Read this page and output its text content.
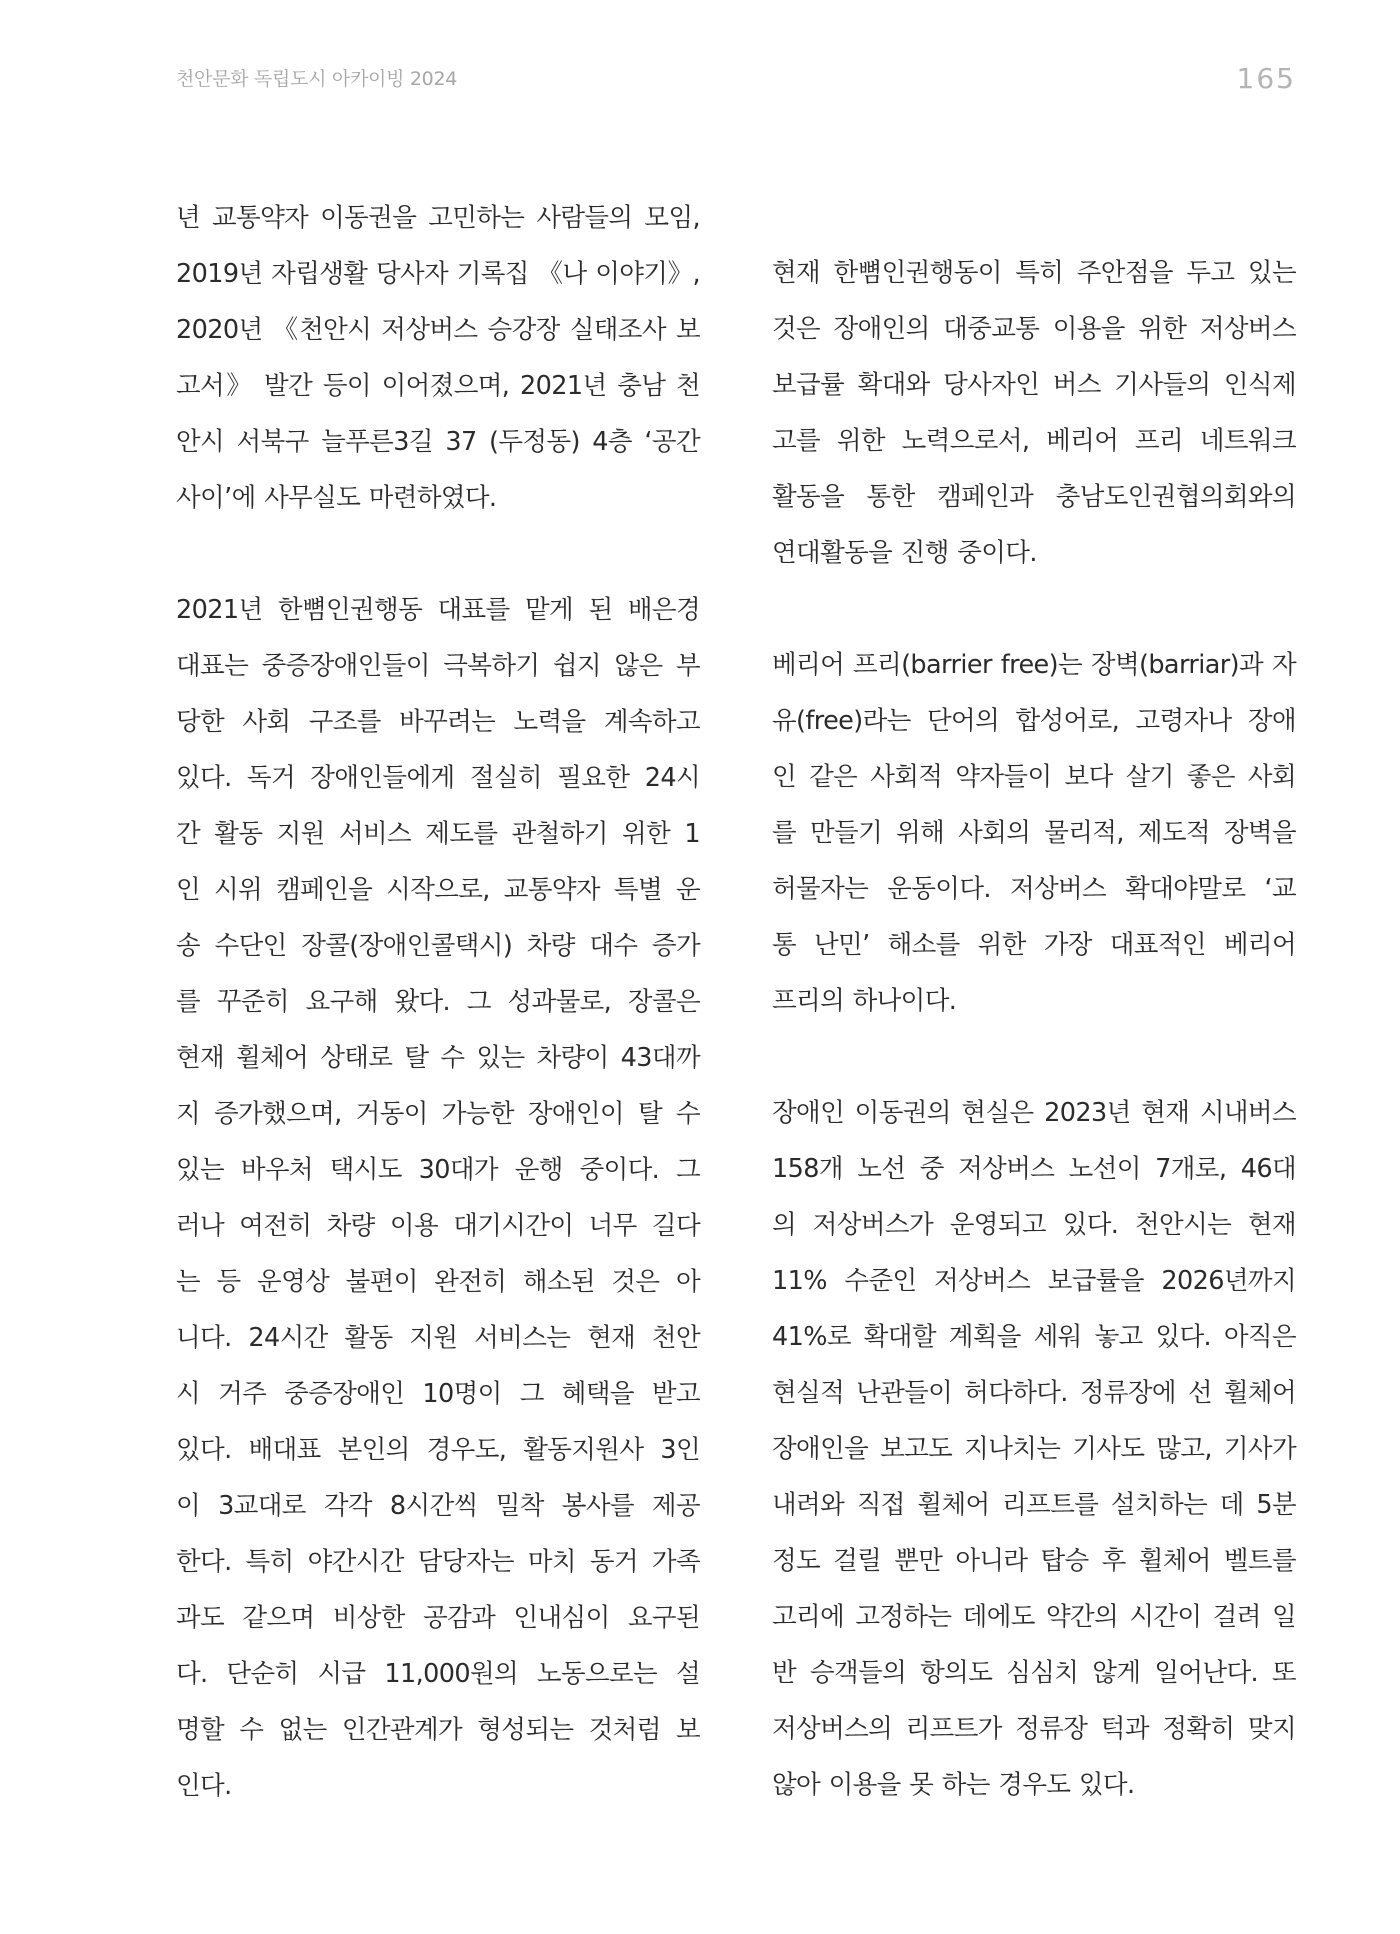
천안문화 독립도시 아카이빙 2024	165

년 교통약자 이동권을 고민하는 사람들의 모임,
2019년 자립생활 당사자 기록집 《나 이야기》,
2020년 《천안시 저상버스 승강장 실태조사 보
고서》 발간 등이 이어졌으며, 2021년 충남 천
안시 서북구 늘푸른3길 37 (두정동) 4층 ‘공간
사이’에 사무실도 마련하였다.

2021년 한뼘인권행동 대표를 맡게 된 배은경
대표는 중증장애인들이 극복하기 쉽지 않은 부
당한 사회 구조를 바꾸려는 노력을 계속하고
있다. 독거 장애인들에게 절실히 필요한 24시
간 활동 지원 서비스 제도를 관철하기 위한 1
인 시위 캠페인을 시작으로, 교통약자 특별 운
송 수단인 장콜(장애인콜택시) 차량 대수 증가
를 꾸준히 요구해 왔다. 그 성과물로, 장콜은
현재 휠체어 상태로 탈 수 있는 차량이 43대까
지 증가했으며, 거동이 가능한 장애인이 탈 수
있는 바우처 택시도 30대가 운행 중이다. 그
러나 여전히 차량 이용 대기시간이 너무 길다
는 등 운영상 불편이 완전히 해소된 것은 아
니다. 24시간 활동 지원 서비스는 현재 천안
시 거주 중증장애인 10명이 그 혜택을 받고
있다. 배대표 본인의 경우도, 활동지원사 3인
이 3교대로 각각 8시간씩 밀착 봉사를 제공
한다. 특히 야간시간 담당자는 마치 동거 가족
과도 같으며 비상한 공감과 인내심이 요구된
다. 단순히 시급 11,000원의 노동으로는 설
명할 수 없는 인간관계가 형성되는 것처럼 보
인다.

현재 한뼘인권행동이 특히 주안점을 두고 있는
것은 장애인의 대중교통 이용을 위한 저상버스
보급률 확대와 당사자인 버스 기사들의 인식제
고를 위한 노력으로서, 베리어 프리 네트워크
활동을 통한 캠페인과 충남도인권협의회와의
연대활동을 진행 중이다.

베리어 프리(barrier free)는 장벽(barriar)과 자
유(free)라는 단어의 합성어로, 고령자나 장애
인 같은 사회적 약자들이 보다 살기 좋은 사회
를 만들기 위해 사회의 물리적, 제도적 장벽을
허물자는 운동이다. 저상버스 확대야말로 ‘교
통 난민’ 해소를 위한 가장 대표적인 베리어
프리의 하나이다.

장애인 이동권의 현실은 2023년 현재 시내버스
158개 노선 중 저상버스 노선이 7개로, 46대
의 저상버스가 운영되고 있다. 천안시는 현재
11% 수준인 저상버스 보급률을 2026년까지
41%로 확대할 계획을 세워 놓고 있다. 아직은
현실적 난관들이 허다하다. 정류장에 선 휠체어
장애인을 보고도 지나치는 기사도 많고, 기사가
내려와 직접 휠체어 리프트를 설치하는 데 5분
정도 걸릴 뿐만 아니라 탑승 후 휠체어 벨트를
고리에 고정하는 데에도 약간의 시간이 걸려 일
반 승객들의 항의도 심심치 않게 일어난다. 또
저상버스의 리프트가 정류장 턱과 정확히 맞지
않아 이용을 못 하는 경우도 있다.
